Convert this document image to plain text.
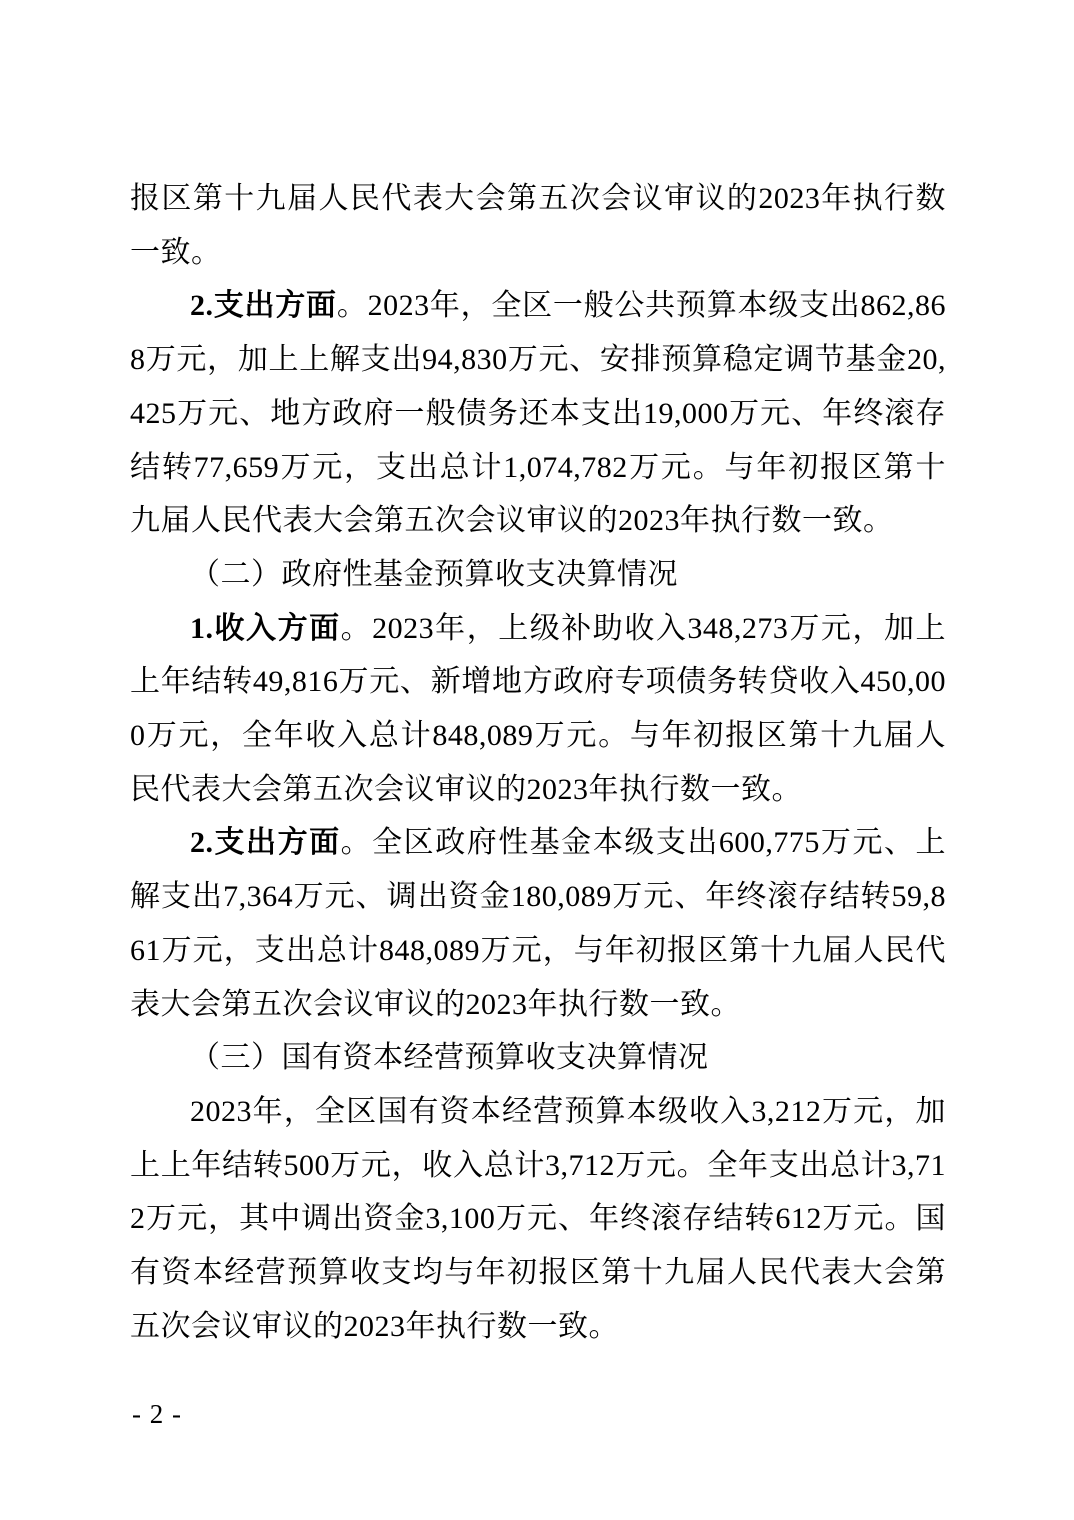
报区第十九届人民代表大会第五次会议审议的2023年执行数一致。

2.支出方面。2023年，全区一般公共预算本级支出862,868万元，加上上解支出94,830万元、安排预算稳定调节基金20,425万元、地方政府一般债务还本支出19,000万元、年终滚存结转77,659万元，支出总计1,074,782万元。与年初报区第十九届人民代表大会第五次会议审议的2023年执行数一致。

（二）政府性基金预算收支决算情况

1.收入方面。2023年，上级补助收入348,273万元，加上上年结转49,816万元、新增地方政府专项债务转贷收入450,000万元，全年收入总计848,089万元。与年初报区第十九届人民代表大会第五次会议审议的2023年执行数一致。

2.支出方面。全区政府性基金本级支出600,775万元、上解支出7,364万元、调出资金180,089万元、年终滚存结转59,861万元，支出总计848,089万元，与年初报区第十九届人民代表大会第五次会议审议的2023年执行数一致。

（三）国有资本经营预算收支决算情况

2023年，全区国有资本经营预算本级收入3,212万元，加上上年结转500万元，收入总计3,712万元。全年支出总计3,712万元，其中调出资金3,100万元、年终滚存结转612万元。国有资本经营预算收支均与年初报区第十九届人民代表大会第五次会议审议的2023年执行数一致。

- 2 -
